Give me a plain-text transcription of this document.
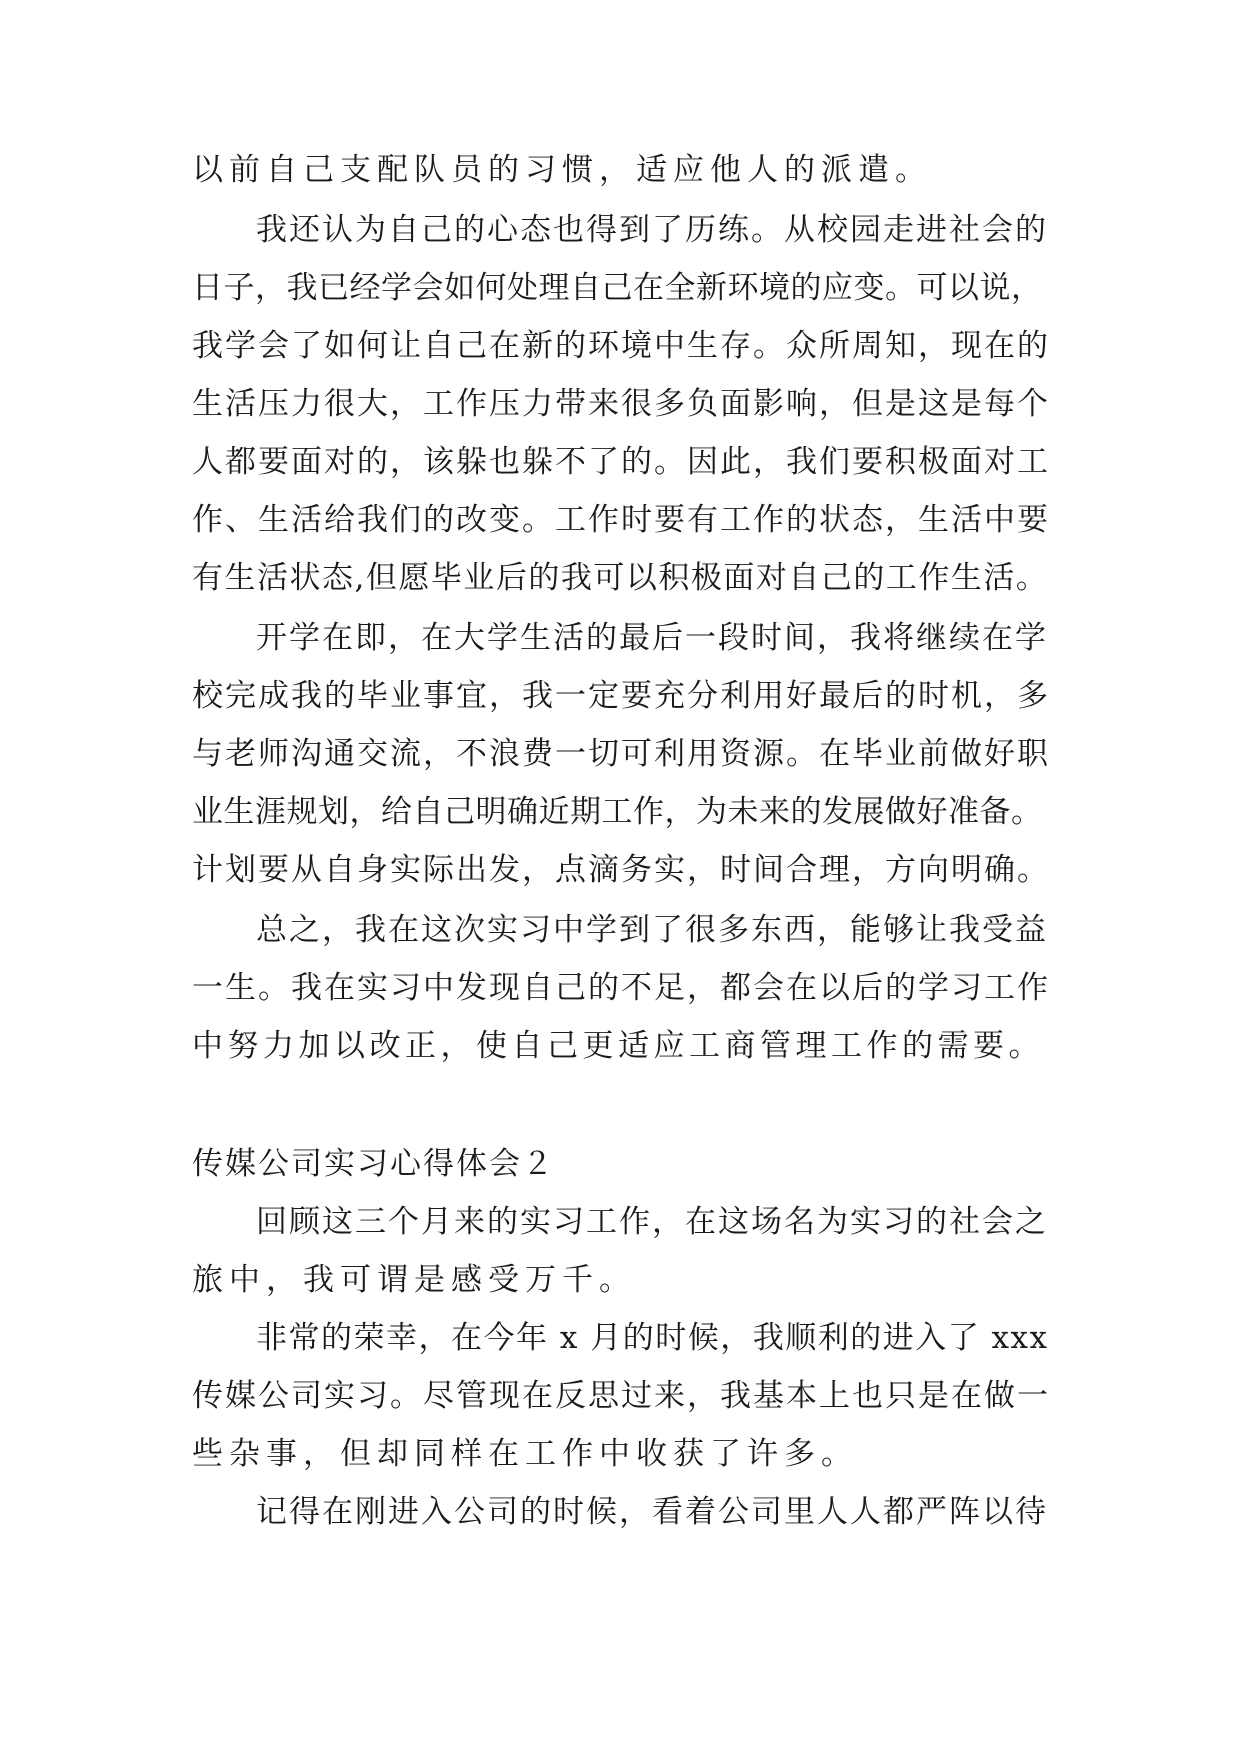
以前自己支配队员的习惯，适应他人的派遣。
我还认为自己的心态也得到了历练。从校园走进社会的
日子，我已经学会如何处理自己在全新环境的应变。可以说，
我学会了如何让自己在新的环境中生存。众所周知，现在的
生活压力很大，工作压力带来很多负面影响，但是这是每个
人都要面对的，该躲也躲不了的。因此，我们要积极面对工
作、生活给我们的改变。工作时要有工作的状态，生活中要
有生活状态,但愿毕业后的我可以积极面对自己的工作生活。
开学在即，在大学生活的最后一段时间，我将继续在学
校完成我的毕业事宜，我一定要充分利用好最后的时机，多
与老师沟通交流，不浪费一切可利用资源。在毕业前做好职
业生涯规划，给自己明确近期工作，为未来的发展做好准备。
计划要从自身实际出发，点滴务实，时间合理，方向明确。
总之，我在这次实习中学到了很多东西，能够让我受益
一生。我在实习中发现自己的不足，都会在以后的学习工作
中努力加以改正，使自己更适应工商管理工作的需要。
传媒公司实习心得体会２
回顾这三个月来的实习工作，在这场名为实习的社会之
旅中，我可谓是感受万千。
非常的荣幸，在今年 x 月的时候，我顺利的进入了 xxx
传媒公司实习。尽管现在反思过来，我基本上也只是在做一
些杂事，但却同样在工作中收获了许多。
记得在刚进入公司的时候，看着公司里人人都严阵以待
